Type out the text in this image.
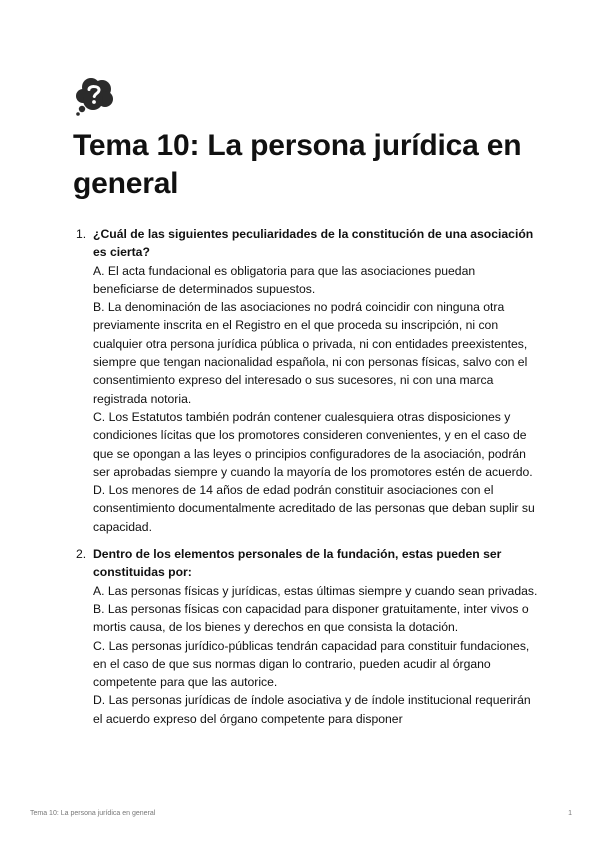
Tema 10: La persona jurídica en general
1. ¿Cuál de las siguientes peculiaridades de la constitución de una asociación es cierta?
A. El acta fundacional es obligatoria para que las asociaciones puedan beneficiarse de determinados supuestos.
B. La denominación de las asociaciones no podrá coincidir con ninguna otra previamente inscrita en el Registro en el que proceda su inscripción, ni con cualquier otra persona jurídica pública o privada, ni con entidades preexistentes, siempre que tengan nacionalidad española, ni con personas físicas, salvo con el consentimiento expreso del interesado o sus sucesores, ni con una marca registrada notoria.
C. Los Estatutos también podrán contener cualesquiera otras disposiciones y condiciones lícitas que los promotores consideren convenientes, y en el caso de que se opongan a las leyes o principios configuradores de la asociación, podrán ser aprobadas siempre y cuando la mayoría de los promotores estén de acuerdo.
D. Los menores de 14 años de edad podrán constituir asociaciones con el consentimiento documentalmente acreditado de las personas que deban suplir su capacidad.
2. Dentro de los elementos personales de la fundación, estas pueden ser constituidas por:
A. Las personas físicas y jurídicas, estas últimas siempre y cuando sean privadas.
B. Las personas físicas con capacidad para disponer gratuitamente, inter vivos o mortis causa, de los bienes y derechos en que consista la dotación.
C. Las personas jurídico-públicas tendrán capacidad para constituir fundaciones, en el caso de que sus normas digan lo contrario, pueden acudir al órgano competente para que las autorice.
D. Las personas jurídicas de índole asociativa y de índole institucional requerirán el acuerdo expreso del órgano competente para disponer
Tema 10: La persona jurídica en general	1
